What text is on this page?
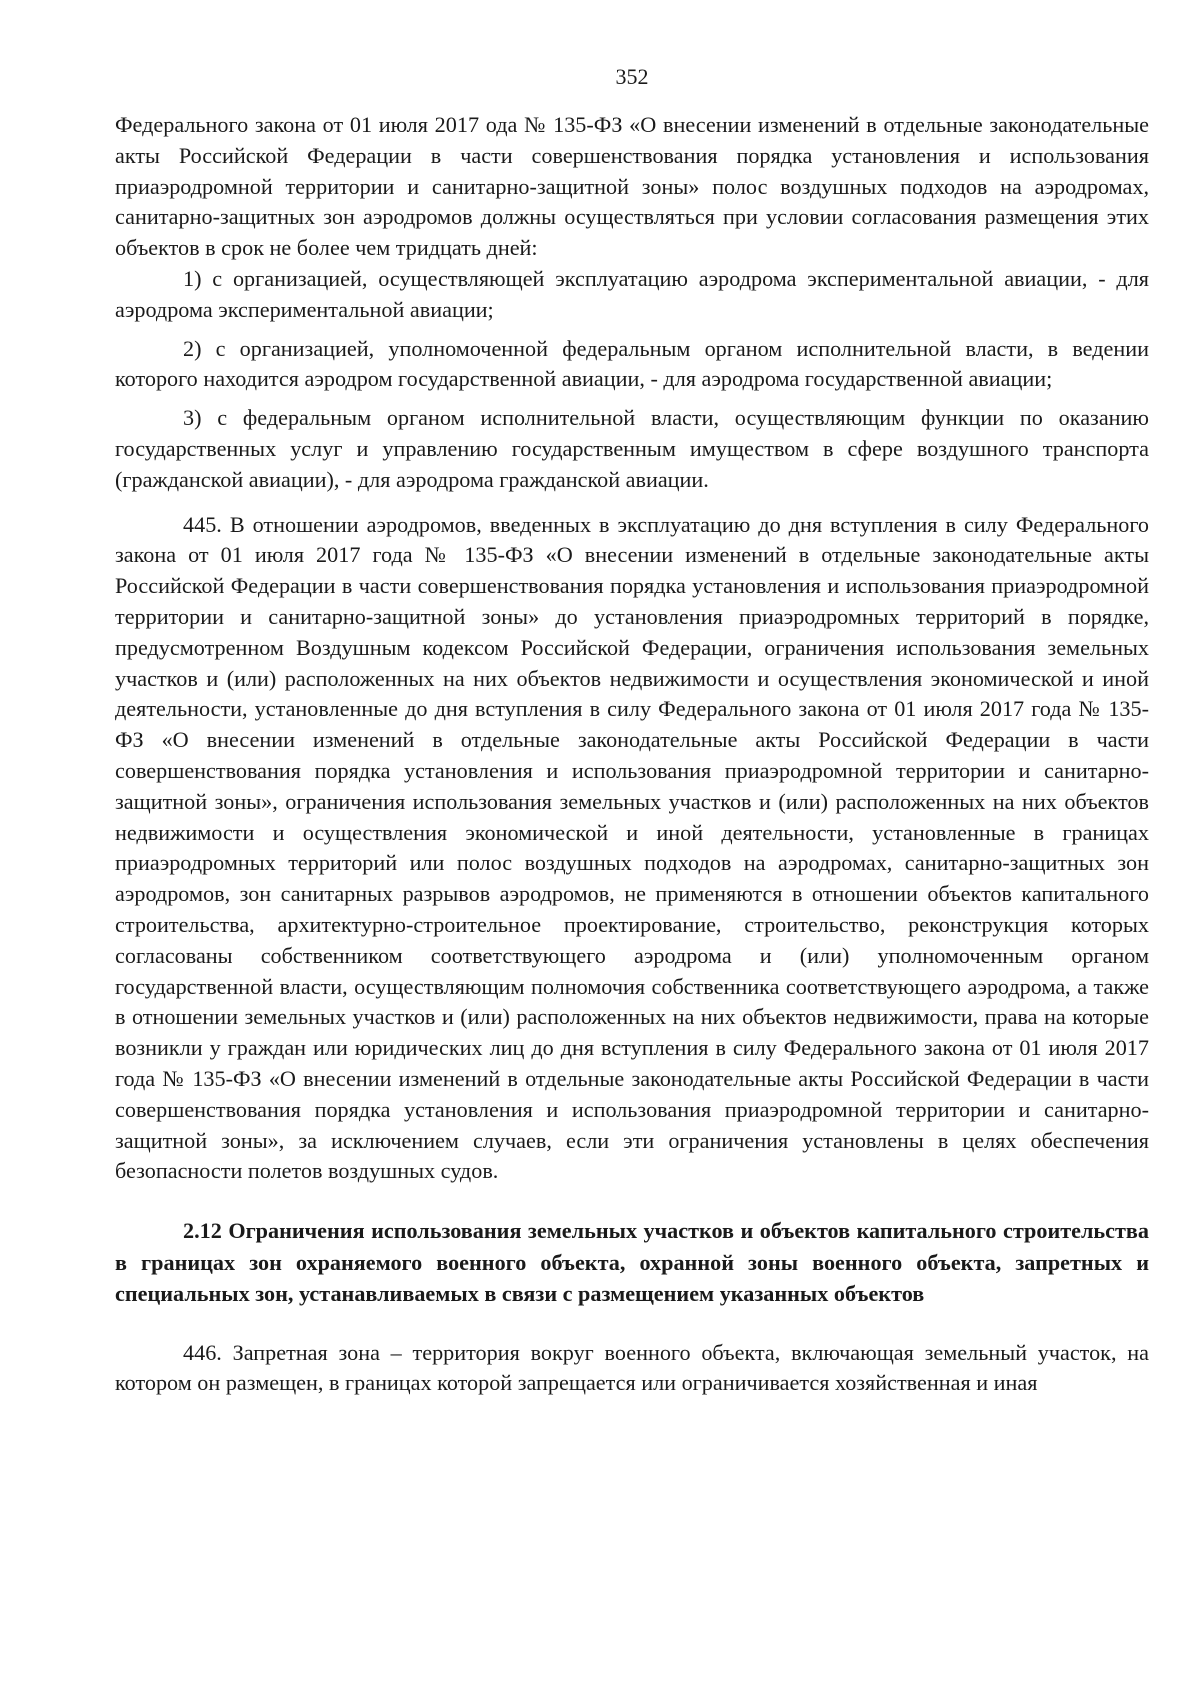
352

Федерального закона от 01 июля 2017 ода № 135-ФЗ «О внесении изменений в отдельные законодательные акты Российской Федерации в части совершенствования порядка установления и использования приаэродромной территории и санитарно-защитной зоны» полос воздушных подходов на аэродромах, санитарно-защитных зон аэродромов должны осуществляться при условии согласования размещения этих объектов в срок не более чем тридцать дней:

1) с организацией, осуществляющей эксплуатацию аэродрома экспериментальной авиации, - для аэродрома экспериментальной авиации;

2) с организацией, уполномоченной федеральным органом исполнительной власти, в ведении которого находится аэродром государственной авиации, - для аэродрома государственной авиации;

3) с федеральным органом исполнительной власти, осуществляющим функции по оказанию государственных услуг и управлению государственным имуществом в сфере воздушного транспорта (гражданской авиации), - для аэродрома гражданской авиации.

445. В отношении аэродромов, введенных в эксплуатацию до дня вступления в силу Федерального закона от 01 июля 2017 года № 135-ФЗ «О внесении изменений в отдельные законодательные акты Российской Федерации в части совершенствования порядка установления и использования приаэродромной территории и санитарно-защитной зоны» до установления приаэродромных территорий в порядке, предусмотренном Воздушным кодексом Российской Федерации, ограничения использования земельных участков и (или) расположенных на них объектов недвижимости и осуществления экономической и иной деятельности, установленные до дня вступления в силу Федерального закона от 01 июля 2017 года № 135-ФЗ «О внесении изменений в отдельные законодательные акты Российской Федерации в части совершенствования порядка установления и использования приаэродромной территории и санитарно-защитной зоны», ограничения использования земельных участков и (или) расположенных на них объектов недвижимости и осуществления экономической и иной деятельности, установленные в границах приаэродромных территорий или полос воздушных подходов на аэродромах, санитарно-защитных зон аэродромов, зон санитарных разрывов аэродромов, не применяются в отношении объектов капитального строительства, архитектурно-строительное проектирование, строительство, реконструкция которых согласованы собственником соответствующего аэродрома и (или) уполномоченным органом государственной власти, осуществляющим полномочия собственника соответствующего аэродрома, а также в отношении земельных участков и (или) расположенных на них объектов недвижимости, права на которые возникли у граждан или юридических лиц до дня вступления в силу Федерального закона от 01 июля 2017 года № 135-ФЗ «О внесении изменений в отдельные законодательные акты Российской Федерации в части совершенствования порядка установления и использования приаэродромной территории и санитарно-защитной зоны», за исключением случаев, если эти ограничения установлены в целях обеспечения безопасности полетов воздушных судов.

2.12 Ограничения использования земельных участков и объектов капитального строительства в границах зон охраняемого военного объекта, охранной зоны военного объекта, запретных и специальных зон, устанавливаемых в связи с размещением указанных объектов

446. Запретная зона – территория вокруг военного объекта, включающая земельный участок, на котором он размещен, в границах которой запрещается или ограничивается хозяйственная и иная
